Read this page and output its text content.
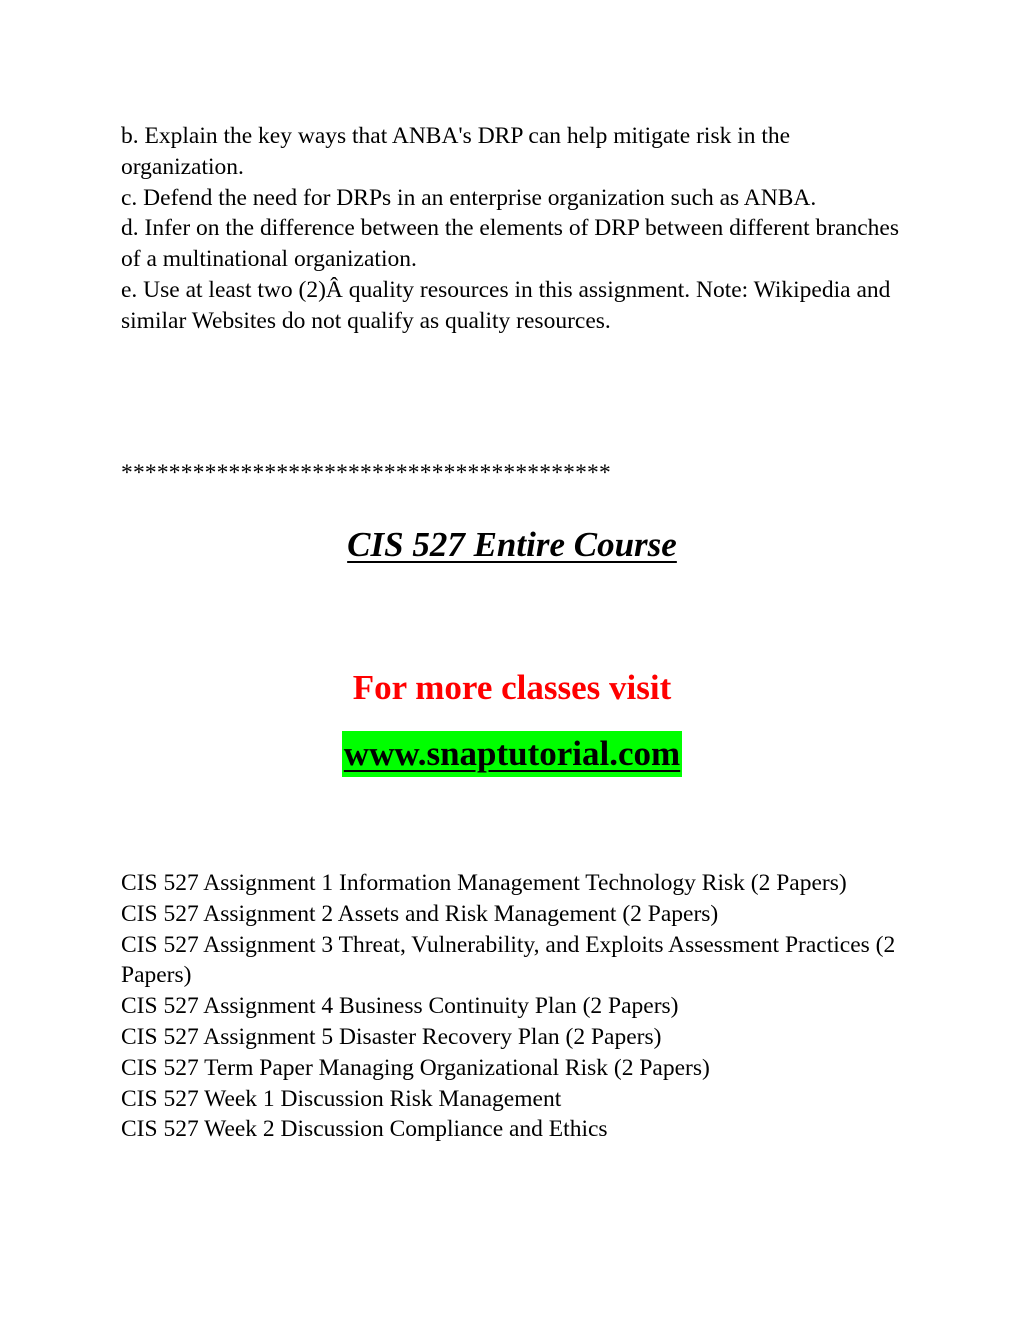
b. Explain the key ways that ANBA's DRP can help mitigate risk in the organization.
c. Defend the need for DRPs in an enterprise organization such as ANBA.
d. Infer on the difference between the elements of DRP between different branches of a multinational organization.
e. Use at least two (2)Â quality resources in this assignment. Note: Wikipedia and similar Websites do not qualify as quality resources.

*****************************************

CIS 527 Entire Course

For more classes visit

www.snaptutorial.com

CIS 527 Assignment 1 Information Management Technology Risk (2 Papers)
CIS 527 Assignment 2 Assets and Risk Management (2 Papers)
CIS 527 Assignment 3 Threat, Vulnerability, and Exploits Assessment Practices (2 Papers)
CIS 527 Assignment 4 Business Continuity Plan (2 Papers)
CIS 527 Assignment 5 Disaster Recovery Plan (2 Papers)
CIS 527 Term Paper Managing Organizational Risk (2 Papers)
CIS 527 Week 1 Discussion Risk Management
CIS 527 Week 2 Discussion Compliance and Ethics
